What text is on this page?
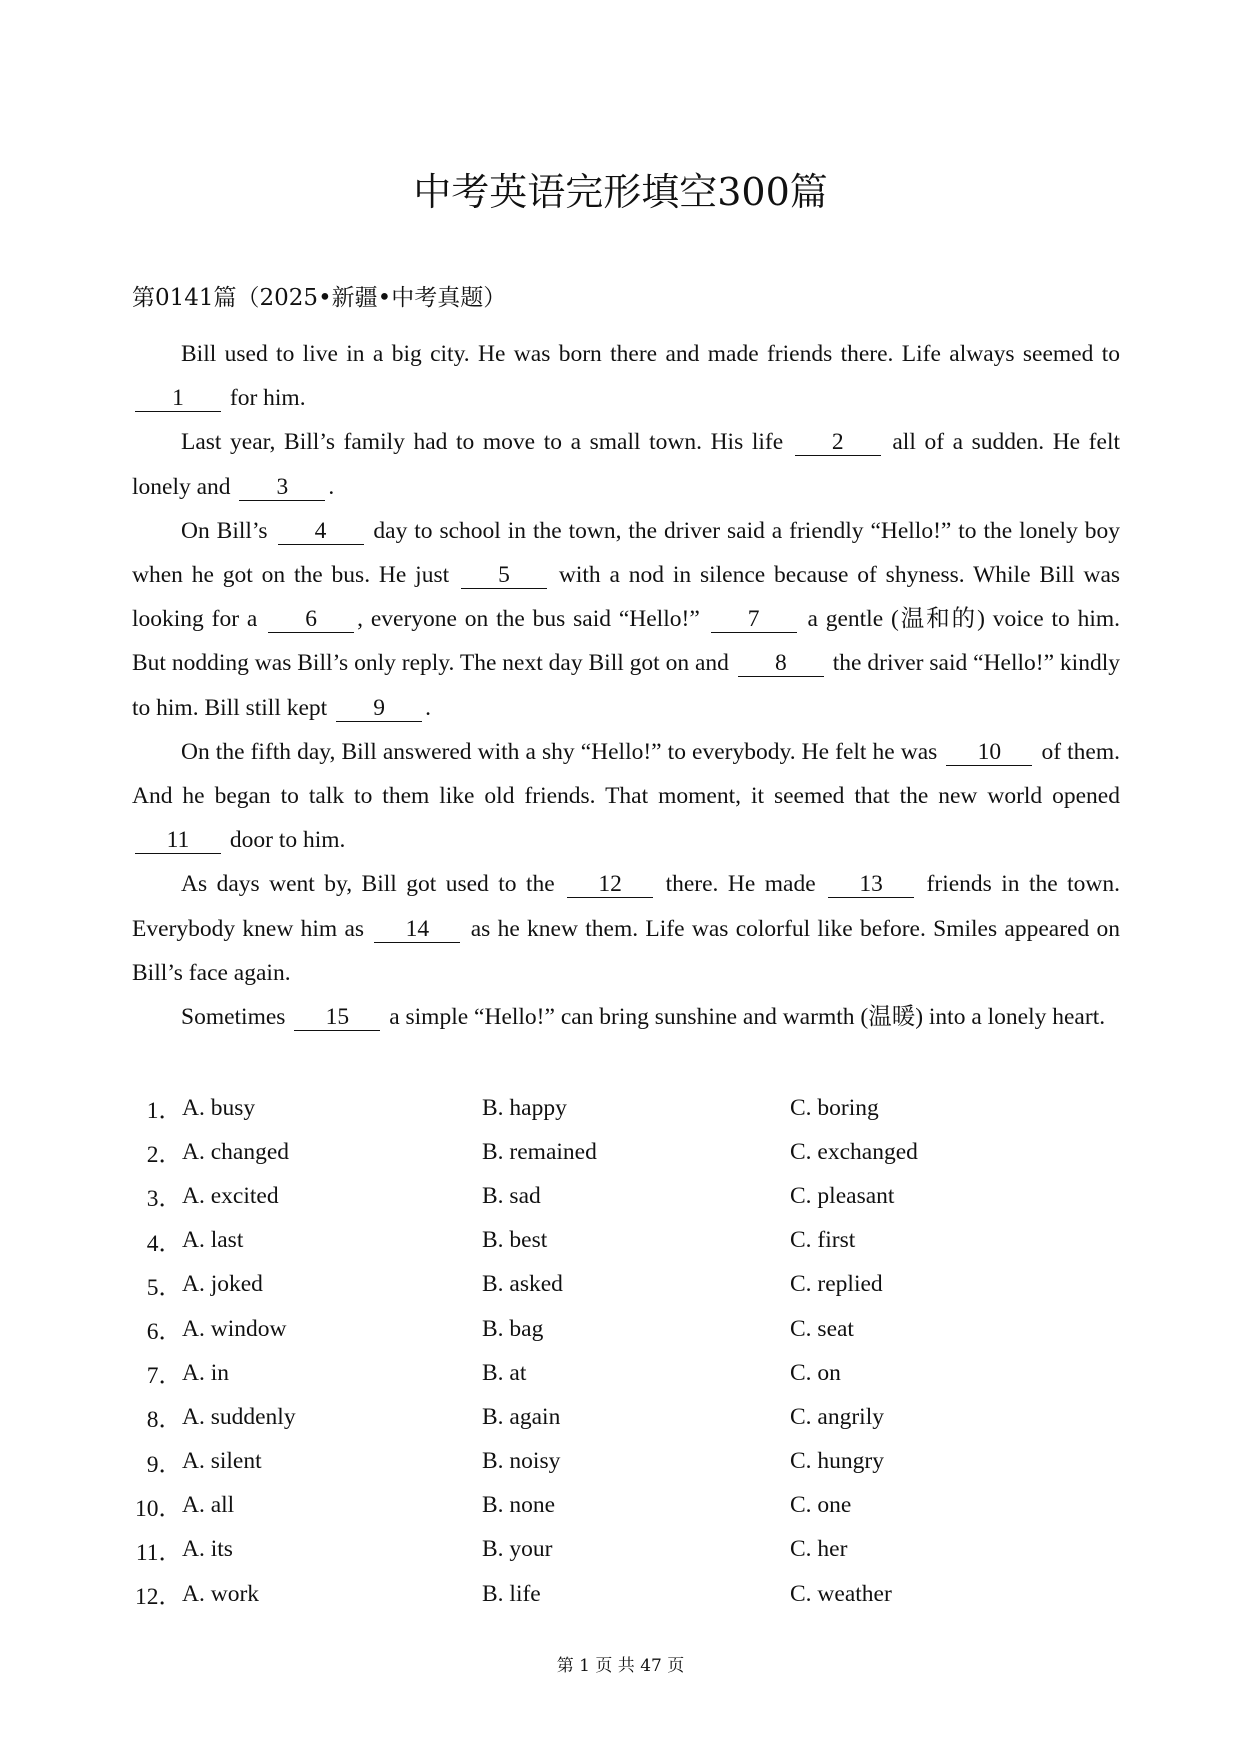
中考英语完形填空300篇
第0141篇（2025•新疆•中考真题）

Bill used to live in a big city. He was born there and made friends there. Life always seemed to 1 for him.

Last year, Bill’s family had to move to a small town. His life 2 all of a sudden. He felt lonely and 3 .

On Bill’s 4 day to school in the town, the driver said a friendly “Hello!” to the lonely boy when he got on the bus. He just 5 with a nod in silence because of shyness. While Bill was looking for a 6 , everyone on the bus said “Hello!” 7 a gentle (温和的) voice to him. But nodding was Bill’s only reply. The next day Bill got on and 8 the driver said “Hello!” kindly to him. Bill still kept 9 .

On the fifth day, Bill answered with a shy “Hello!” to everybody. He felt he was 10 of them. And he began to talk to them like old friends. That moment, it seemed that the new world opened 11 door to him.

As days went by, Bill got used to the 12 there. He made 13 friends in the town. Everybody knew him as 14 as he knew them. Life was colorful like before. Smiles appeared on Bill’s face again.

Sometimes 15 a simple “Hello!” can bring sunshine and warmth (温暖) into a lonely heart.

1． A. busy	B. happy	C. boring
2． A. changed	B. remained	C. exchanged
3． A. excited	B. sad	C. pleasant
4． A. last	B. best	C. first
5． A. joked	B. asked	C. replied
6． A. window	B. bag	C. seat
7． A. in	B. at	C. on
8． A. suddenly	B. again	C. angrily
9． A. silent	B. noisy	C. hungry
10． A. all	B. none	C. one
11． A. its	B. your	C. her
12． A. work	B. life	C. weather
第 1 页 共 47 页
